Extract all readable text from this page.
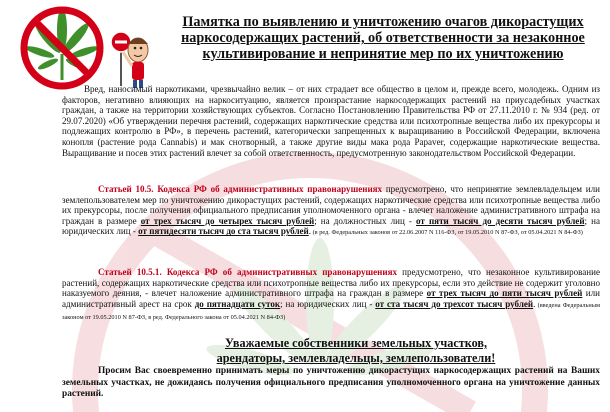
Памятка по выявлению и уничтожению очагов дикорастущих наркосодержащих растений, об ответственности за незаконное культивирование и непринятие мер по их уничтожению

Вред, наносимый наркотиками, чрезвычайно велик – от них страдает все общество в целом и, прежде всего, молодежь. Одним из факторов, негативно влияющих на наркоситуацию, является произрастание наркосодержащих растений на приусадебных участках граждан, а также на территории хозяйствующих субъектов. Согласно Постановлению Правительства РФ от 27.11.2010 г. № 934 (ред. от 29.07.2020) «Об утверждении перечня растений, содержащих наркотические средства или психотропные вещества либо их прекурсоры и подлежащих контролю в РФ», в перечень растений, категорически запрещенных к выращиванию в Российской Федерации, включена конопля (растение рода Cannabis) и мак снотворный, а также другие виды мака рода Papaver, содержащие наркотические вещества. Выращивание и посев этих растений влечет за собой ответственность, предусмотренную законодательством Российской Федерации.

Статьей 10.5. Кодекса РФ об административных правонарушениях предусмотрено, что непринятие землевладельцем или землепользователем мер по уничтожению дикорастущих растений, содержащих наркотические средства или психотропные вещества либо их прекурсоры, после получения официального предписания уполномоченного органа - влечет наложение административного штрафа на граждан в размере от трех тысяч до четырех тысяч рублей; на должностных лиц - от пяти тысяч до десяти тысяч рублей; на юридических лиц - от пятидесяти тысяч до ста тысяч рублей. (в ред. Федеральных законов от 22.06.2007 N 116-ФЗ, от 19.05.2010 N 87-ФЗ, от 05.04.2021 N 84-ФЗ)

Статьей 10.5.1. Кодекса РФ об административных правонарушениях предусмотрено, что незаконное культивирование растений, содержащих наркотические средства или психотропные вещества либо их прекурсоры, если это действие не содержит уголовно наказуемого деяния, - влечет наложение административного штрафа на граждан в размере от трех тысяч до пяти тысяч рублей или административный арест на срок до пятнадцати суток; на юридических лиц - от ста тысяч до трехсот тысяч рублей. (введена Федеральным законом от 19.05.2010 N 87-ФЗ, в ред. Федерального закона от 05.04.2021 N 84-ФЗ)

Уважаемые собственники земельных участков,
арендаторы, землевладельцы, землепользователи!

Просим Вас своевременно принимать меры по уничтожению дикорастущих наркосодержащих растений на Ваших земельных участках, не дожидаясь получения официального предписания уполномоченного органа на уничтожение данных растений.
